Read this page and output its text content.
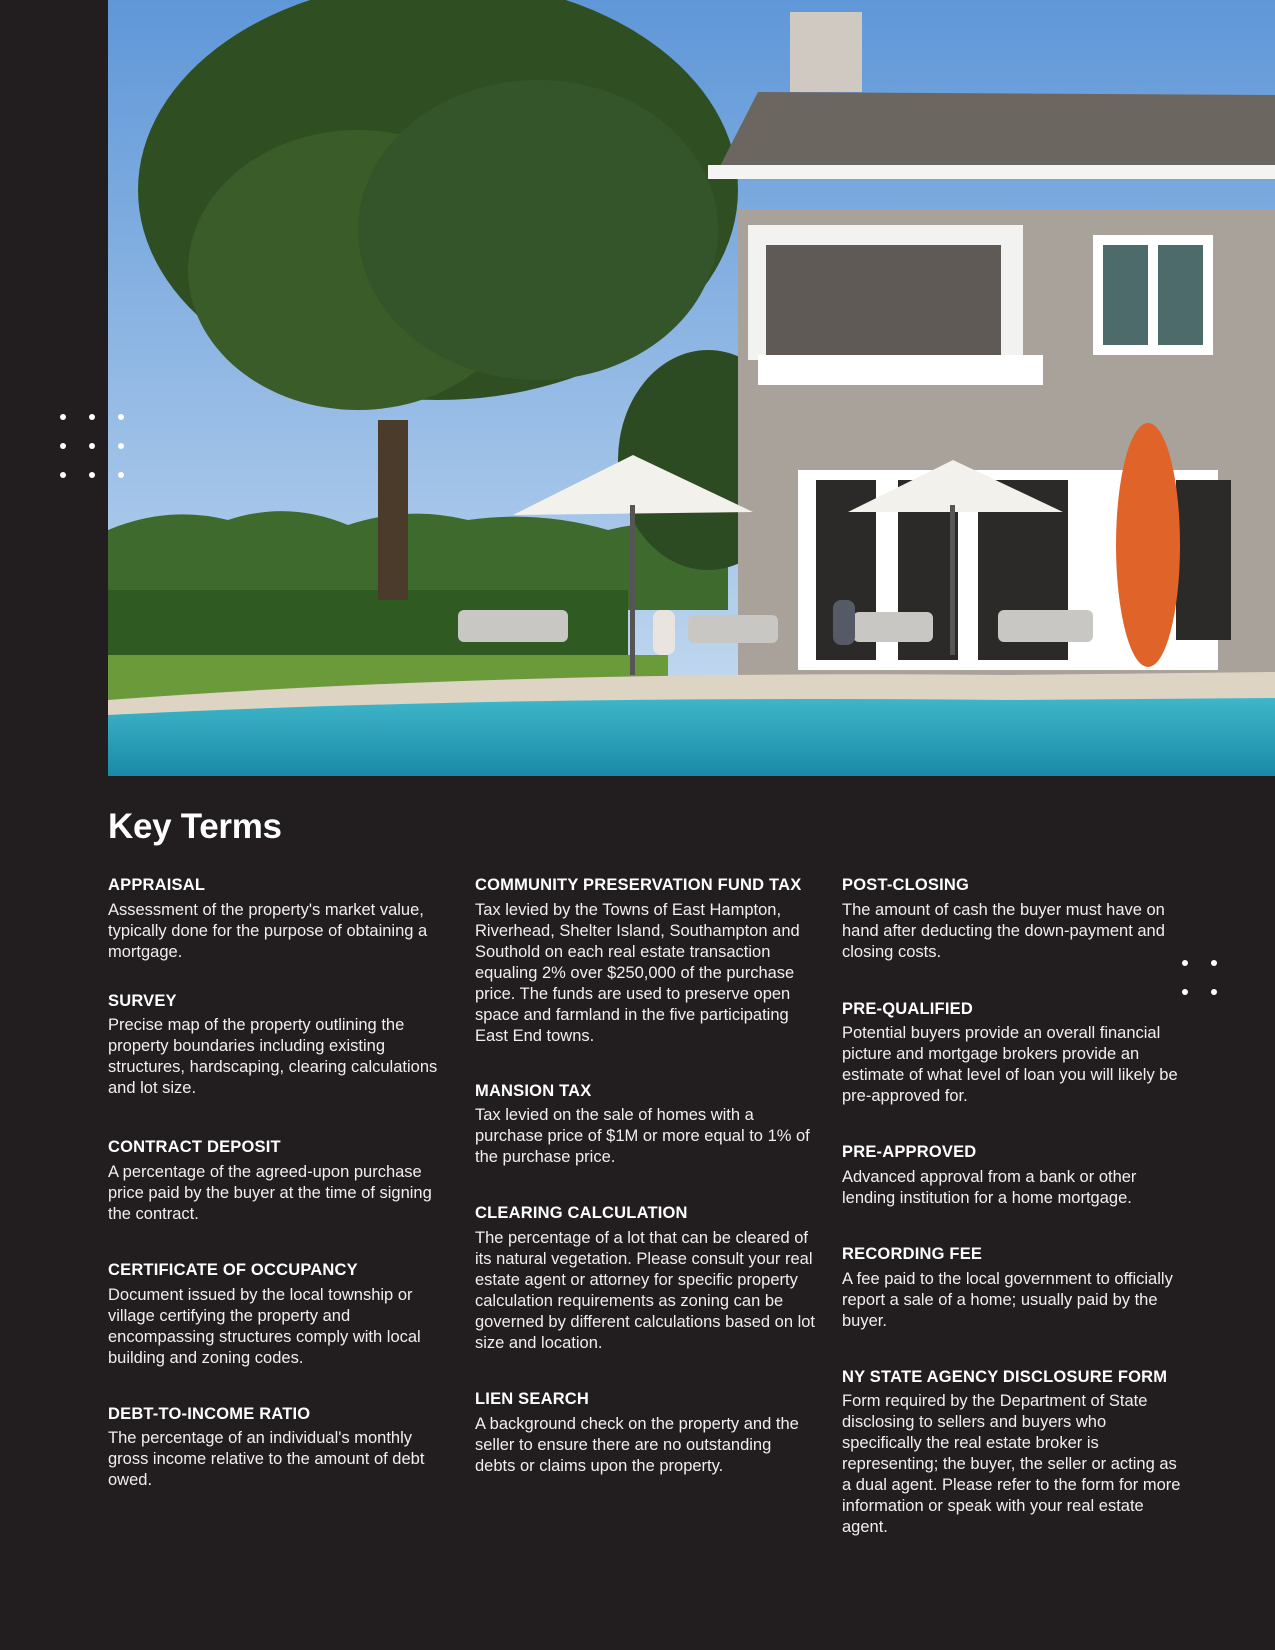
Key Terms

APPRAISAL

Assessment of the property's market value, typically done for the purpose of obtaining a mortgage.

SURVEY

Precise map of the property outlining the property boundaries including existing structures, hardscaping, clearing calculations and lot size.

CONTRACT DEPOSIT

A percentage of the agreed-upon purchase price paid by the buyer at the time of signing the contract.

CERTIFICATE OF OCCUPANCY

Document issued by the local township or village certifying the property and encompassing structures comply with local building and zoning codes.

DEBT-TO-INCOME RATIO

The percentage of an individual's monthly gross income relative to the amount of debt owed.

COMMUNITY PRESERVATION FUND TAX

Tax levied by the Towns of East Hampton, Riverhead, Shelter Island, Southampton and Southold on each real estate transaction equaling 2% over $250,000 of the purchase price. The funds are used to preserve open space and farmland in the five participating East End towns.

MANSION TAX

Tax levied on the sale of homes with a purchase price of $1M or more equal to 1% of the purchase price.

CLEARING CALCULATION

The percentage of a lot that can be cleared of its natural vegetation. Please consult your real estate agent or attorney for specific property calculation requirements as zoning can be governed by different calculations based on lot size and location.

LIEN SEARCH

A background check on the property and the seller to ensure there are no outstanding debts or claims upon the property.

POST-CLOSING

The amount of cash the buyer must have on hand after deducting the down-payment and closing costs.

PRE-QUALIFIED

Potential buyers provide an overall financial picture and mortgage brokers provide an estimate of what level of loan you will likely be pre-approved for.

PRE-APPROVED

Advanced approval from a bank or other lending institution for a home mortgage.

RECORDING FEE

A fee paid to the local government to officially report a sale of a home; usually paid by the buyer.

NY STATE AGENCY DISCLOSURE FORM

Form required by the Department of State disclosing to sellers and buyers who specifically the real estate broker is representing; the buyer, the seller or acting as a dual agent. Please refer to the form for more information or speak with your real estate agent.
